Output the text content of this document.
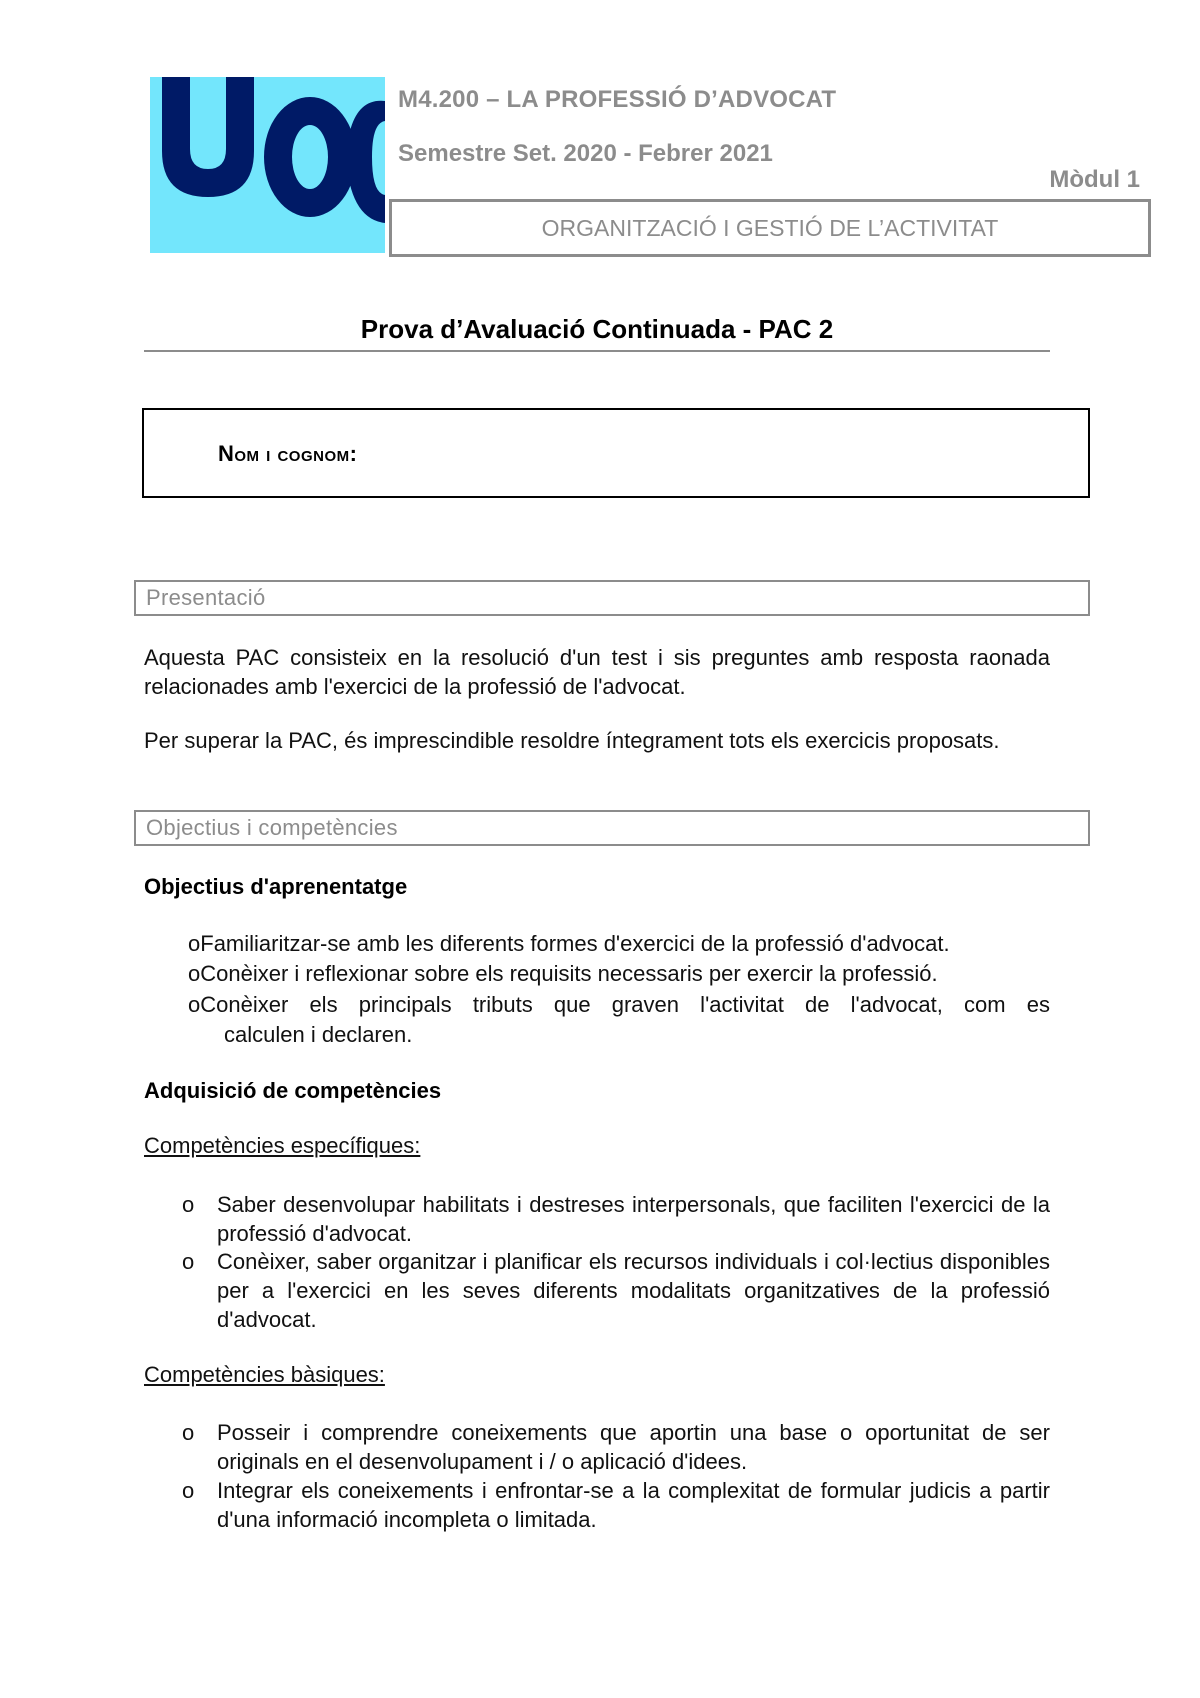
M4.200 – LA PROFESSIÓ D’ADVOCAT
Semestre Set. 2020 - Febrer 2021
Mòdul 1
ORGANITZACIÓ I GESTIÓ DE L’ACTIVITAT
Prova d’Avaluació Continuada - PAC 2
Nom i cognom:
Presentació
Aquesta PAC consisteix en la resolució d'un test i sis preguntes amb resposta raonada relacionades amb l'exercici de la professió de l'advocat.
Per superar la PAC, és imprescindible resoldre íntegrament tots els exercicis proposats.
Objectius i competències
Objectius d'aprenentatge
oFamiliaritzar-se amb les diferents formes d'exercici de la professió d'advocat.
oConèixer i reflexionar sobre els requisits necessaris per exercir la professió.
oConèixer els principals tributs que graven l'activitat de l'advocat, com es
calculen i declaren.
Adquisició de competències
Competències específiques:
o	Saber desenvolupar habilitats i destreses interpersonals, que faciliten l'exercici de la professió d'advocat.
o	Conèixer, saber organitzar i planificar els recursos individuals i col·lectius disponibles per a l'exercici en les seves diferents modalitats organitzatives de la professió d'advocat.
Competències bàsiques:
o	Posseir i comprendre coneixements que aportin una base o oportunitat de ser originals en el desenvolupament i / o aplicació d'idees.
o	Integrar els coneixements i enfrontar-se a la complexitat de formular judicis a partir d'una informació incompleta o limitada.
